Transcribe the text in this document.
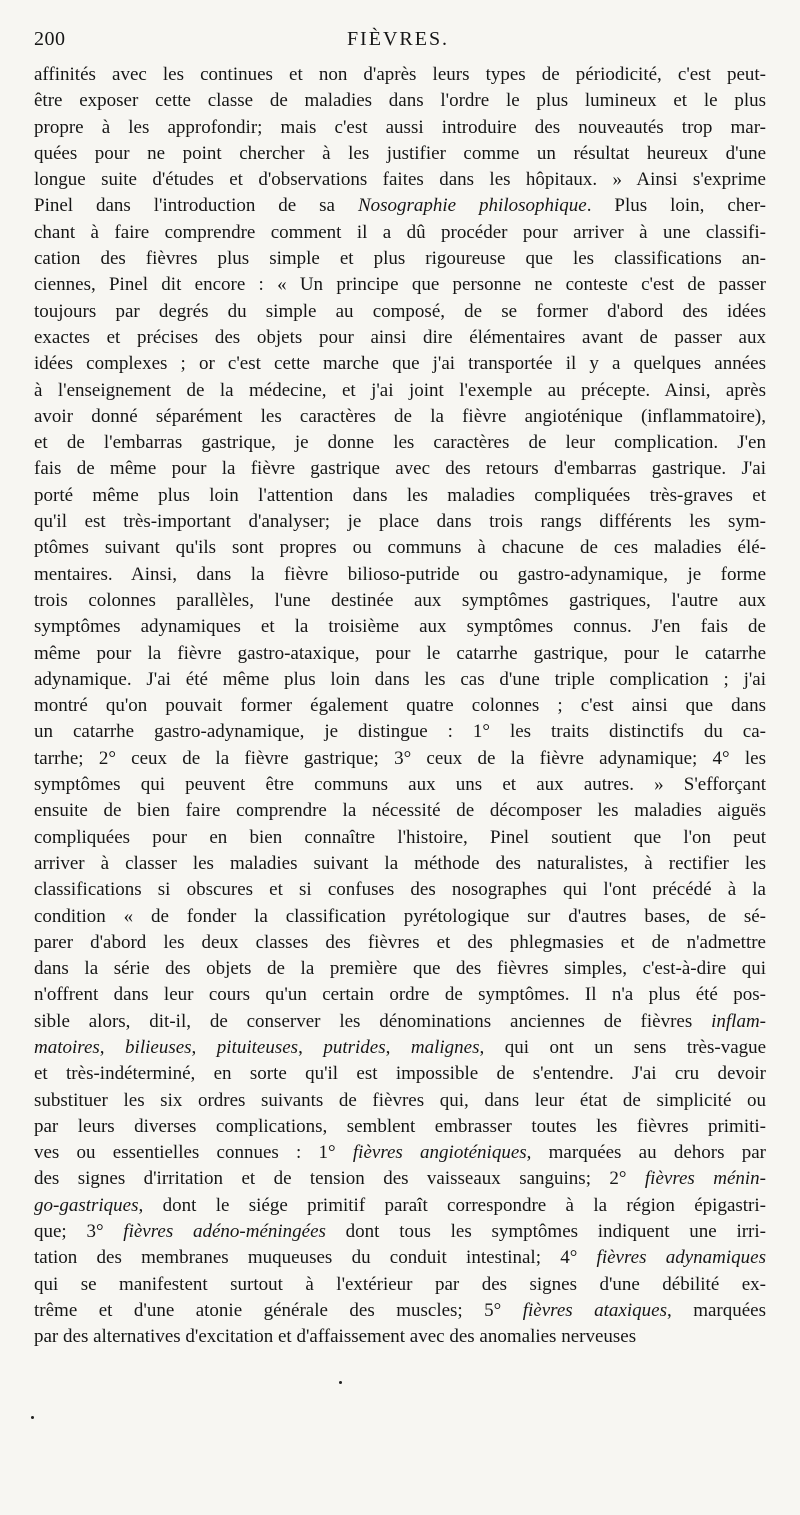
200	FIÈVRES.
affinités avec les continues et non d'après leurs types de périodicité, c'est peut-
être exposer cette classe de maladies dans l'ordre le plus lumineux et le plus
propre à les approfondir; mais c'est aussi introduire des nouveautés trop mar-
quées pour ne point chercher à les justifier comme un résultat heureux d'une
longue suite d'études et d'observations faites dans les hôpitaux. » Ainsi s'exprime
Pinel dans l'introduction de sa Nosographie philosophique. Plus loin, cher-
chant à faire comprendre comment il a dû procéder pour arriver à une classifi-
cation des fièvres plus simple et plus rigoureuse que les classifications an-
ciennes, Pinel dit encore : « Un principe que personne ne conteste c'est de passer
toujours par degrés du simple au composé, de se former d'abord des idées
exactes et précises des objets pour ainsi dire élémentaires avant de passer aux
idées complexes ; or c'est cette marche que j'ai transportée il y a quelques années
à l'enseignement de la médecine, et j'ai joint l'exemple au précepte. Ainsi, après
avoir donné séparément les caractères de la fièvre angioténique (inflammatoire),
et de l'embarras gastrique, je donne les caractères de leur complication. J'en
fais de même pour la fièvre gastrique avec des retours d'embarras gastrique. J'ai
porté même plus loin l'attention dans les maladies compliquées très-graves et
qu'il est très-important d'analyser; je place dans trois rangs différents les sym-
ptômes suivant qu'ils sont propres ou communs à chacune de ces maladies élé-
mentaires. Ainsi, dans la fièvre bilioso-putride ou gastro-adynamique, je forme
trois colonnes parallèles, l'une destinée aux symptômes gastriques, l'autre aux
symptômes adynamiques et la troisième aux symptômes connus. J'en fais de
même pour la fièvre gastro-ataxique, pour le catarrhe gastrique, pour le catarrhe
adynamique. J'ai été même plus loin dans les cas d'une triple complication ; j'ai
montré qu'on pouvait former également quatre colonnes ; c'est ainsi que dans
un catarrhe gastro-adynamique, je distingue : 1° les traits distinctifs du ca-
tarrhe; 2° ceux de la fièvre gastrique; 3° ceux de la fièvre adynamique; 4° les
symptômes qui peuvent être communs aux uns et aux autres. » S'efforçant
ensuite de bien faire comprendre la nécessité de décomposer les maladies aiguës
compliquées pour en bien connaître l'histoire, Pinel soutient que l'on peut
arriver à classer les maladies suivant la méthode des naturalistes, à rectifier les
classifications si obscures et si confuses des nosographes qui l'ont précédé à la
condition « de fonder la classification pyrétologique sur d'autres bases, de sé-
parer d'abord les deux classes des fièvres et des phlegmasies et de n'admettre
dans la série des objets de la première que des fièvres simples, c'est-à-dire qui
n'offrent dans leur cours qu'un certain ordre de symptômes. Il n'a plus été pos-
sible alors, dit-il, de conserver les dénominations anciennes de fièvres inflam-
matoires, bilieuses, pituiteuses, putrides, malignes, qui ont un sens très-vague
et très-indéterminé, en sorte qu'il est impossible de s'entendre. J'ai cru devoir
substituer les six ordres suivants de fièvres qui, dans leur état de simplicité ou
par leurs diverses complications, semblent embrasser toutes les fièvres primiti-
ves ou essentielles connues : 1° fièvres angioténiques, marquées au dehors par
des signes d'irritation et de tension des vaisseaux sanguins; 2° fièvres ménin-
go-gastriques, dont le siége primitif paraît correspondre à la région épigastri-
que; 3° fièvres adéno-méningées dont tous les symptômes indiquent une irri-
tation des membranes muqueuses du conduit intestinal; 4° fièvres adynamiques
qui se manifestent surtout à l'extérieur par des signes d'une débilité ex-
trême et d'une atonie générale des muscles; 5° fièvres ataxiques, marquées
par des alternatives d'excitation et d'affaissement avec des anomalies nerveuses
